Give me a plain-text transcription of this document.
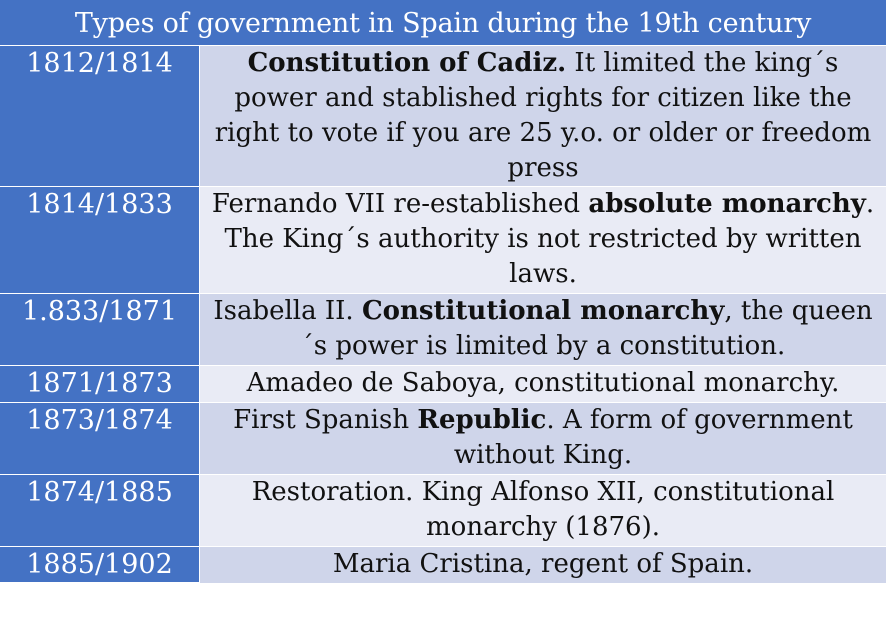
Types of government in Spain during the 19th century
1812/1814	Constitution of Cadiz. It limited the king´s power and stablished rights for citizen like the right to vote if you are 25 y.o. or older or freedom press
1814/1833	Fernando VII re-established absolute monarchy. The King´s authority is not restricted by written laws.
1.833/1871	Isabella II. Constitutional monarchy, the queen´s power is limited by a constitution.
1871/1873	Amadeo de Saboya, constitutional monarchy.
1873/1874	First Spanish Republic. A form of government without King.
1874/1885	Restoration. King Alfonso XII, constitutional monarchy (1876).
1885/1902	Maria Cristina, regent of Spain.
